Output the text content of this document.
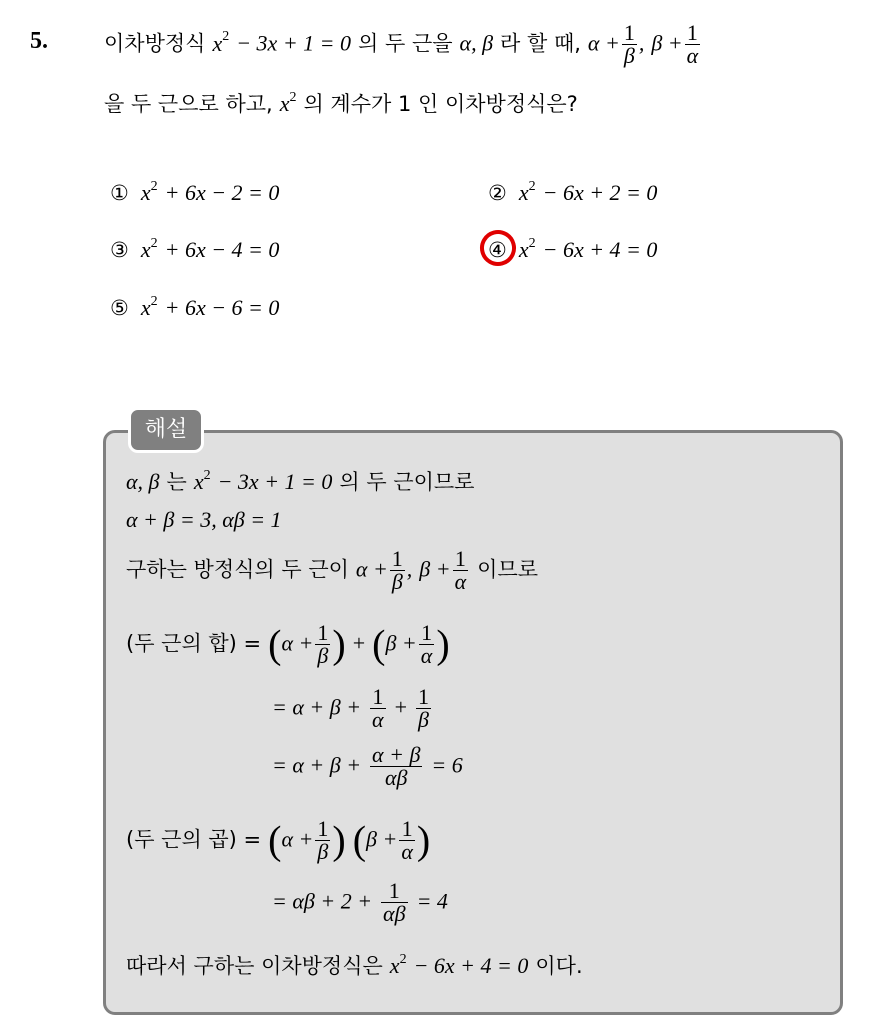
5.	이차방정식 $x^2 - 3x + 1 = 0$ 의 두 근을 α, β 라 할 때, $\alpha + \frac{1}{\beta}$ , $\beta + \frac{1}{\alpha}$
을 두 근으로 하고, $x^2$ 의 계수가 1 인 이차방정식은?
① $x^2$
+ 6x − 2 = 0	② $x^2$
− 6x + 2 = 0
③ $x^2$
+ 6x − 4 = 0	④ $x^2$
− 6x + 4 = 0
⑤ $x^2$
+ 6x − 6 = 0
해설
α, β 는 $x^2 - 3x + 1 = 0$ 의 두 근이므로
α + β = 3, αβ = 1
구하는 방정식의 두 근이 $\alpha + \frac{1}{\beta}$ , $\beta + \frac{1}{\alpha}$ 이므로
(두 근의 합) = ($\alpha + \frac{1}{\beta}$ ) + ($\beta + \frac{1}{\alpha}$ )
= $\alpha + \beta + \frac{1}{\alpha} + \frac{1}{\beta}$
= $\alpha + \beta + \frac{\alpha + \beta}{\alpha\beta} = 6$
(두 근의 곱) = ($\alpha + \frac{1}{\beta}$ ) ($\beta + \frac{1}{\alpha}$ )
= $\alpha\beta + 2 + \frac{1}{\alpha\beta} = 4$
따라서 구하는 이차방정식은 $x^2 - 6x + 4 = 0$ 이다.
